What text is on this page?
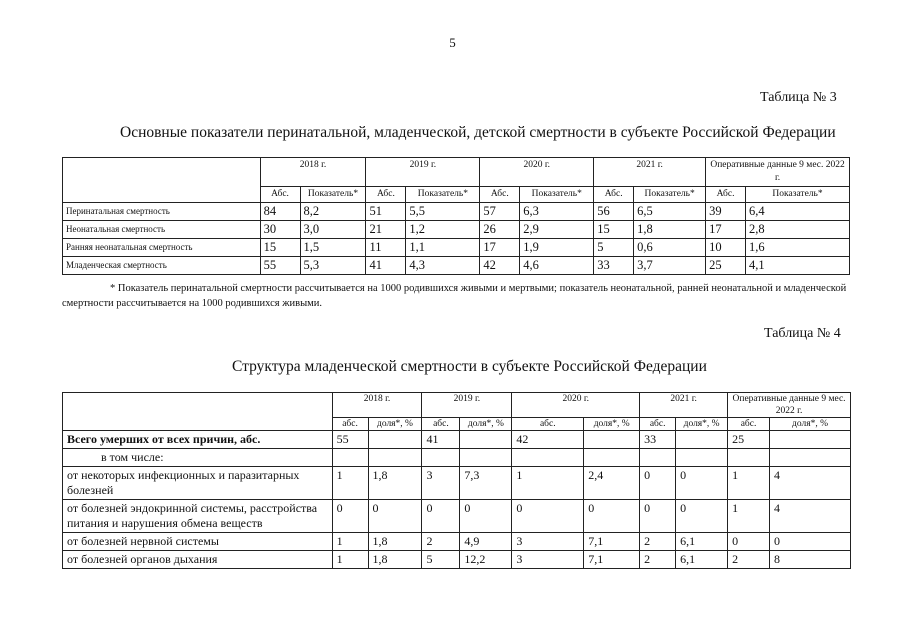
5
Таблица № 3
Основные показатели перинатальной, младенческой, детской смертности в субъекте Российской Федерации
	2018 г.		2019 г.		2020 г.		2021 г.		Оперативные данные 9 мес. 2022 г.	
	Абс.	Показатель*	Абс.	Показатель*	Абс.	Показатель*	Абс.	Показатель*	Абс.	Показатель*
Перинатальная смертность	84	8,2	51	5,5	57	6,3	56	6,5	39	6,4
Неонатальная смертность	30	3,0	21	1,2	26	2,9	15	1,8	17	2,8
Ранняя неонатальная смертность	15	1,5	11	1,1	17	1,9	5	0,6	10	1,6
Младенческая смертность	55	5,3	41	4,3	42	4,6	33	3,7	25	4,1
* Показатель перинатальной смертности рассчитывается на 1000 родившихся живыми и мертвыми; показатель неонатальной, ранней неонатальной и младенческой смертности рассчитывается на 1000 родившихся живыми.
Таблица № 4
Структура младенческой смертности в субъекте Российской Федерации
	2018 г.		2019 г.		2020 г.		2021 г.		Оперативные данные 9 мес. 2022 г.	
	абс.	доля*, %	абс.	доля*, %	абс.	доля*, %	абс.	доля*, %	абс.	доля*, %
Всего умерших от всех причин, абс.	55		41		42		33		25	
в том числе:										
от некоторых инфекционных и паразитарных болезней	1	1,8	3	7,3	1	2,4	0	0	1	4
от болезней эндокринной системы, расстройства питания и нарушения обмена веществ	0	0	0	0	0	0	0	0	1	4
от болезней нервной системы	1	1,8	2	4,9	3	7,1	2	6,1	0	0
от болезней органов дыхания	1	1,8	5	12,2	3	7,1	2	6,1	2	8
